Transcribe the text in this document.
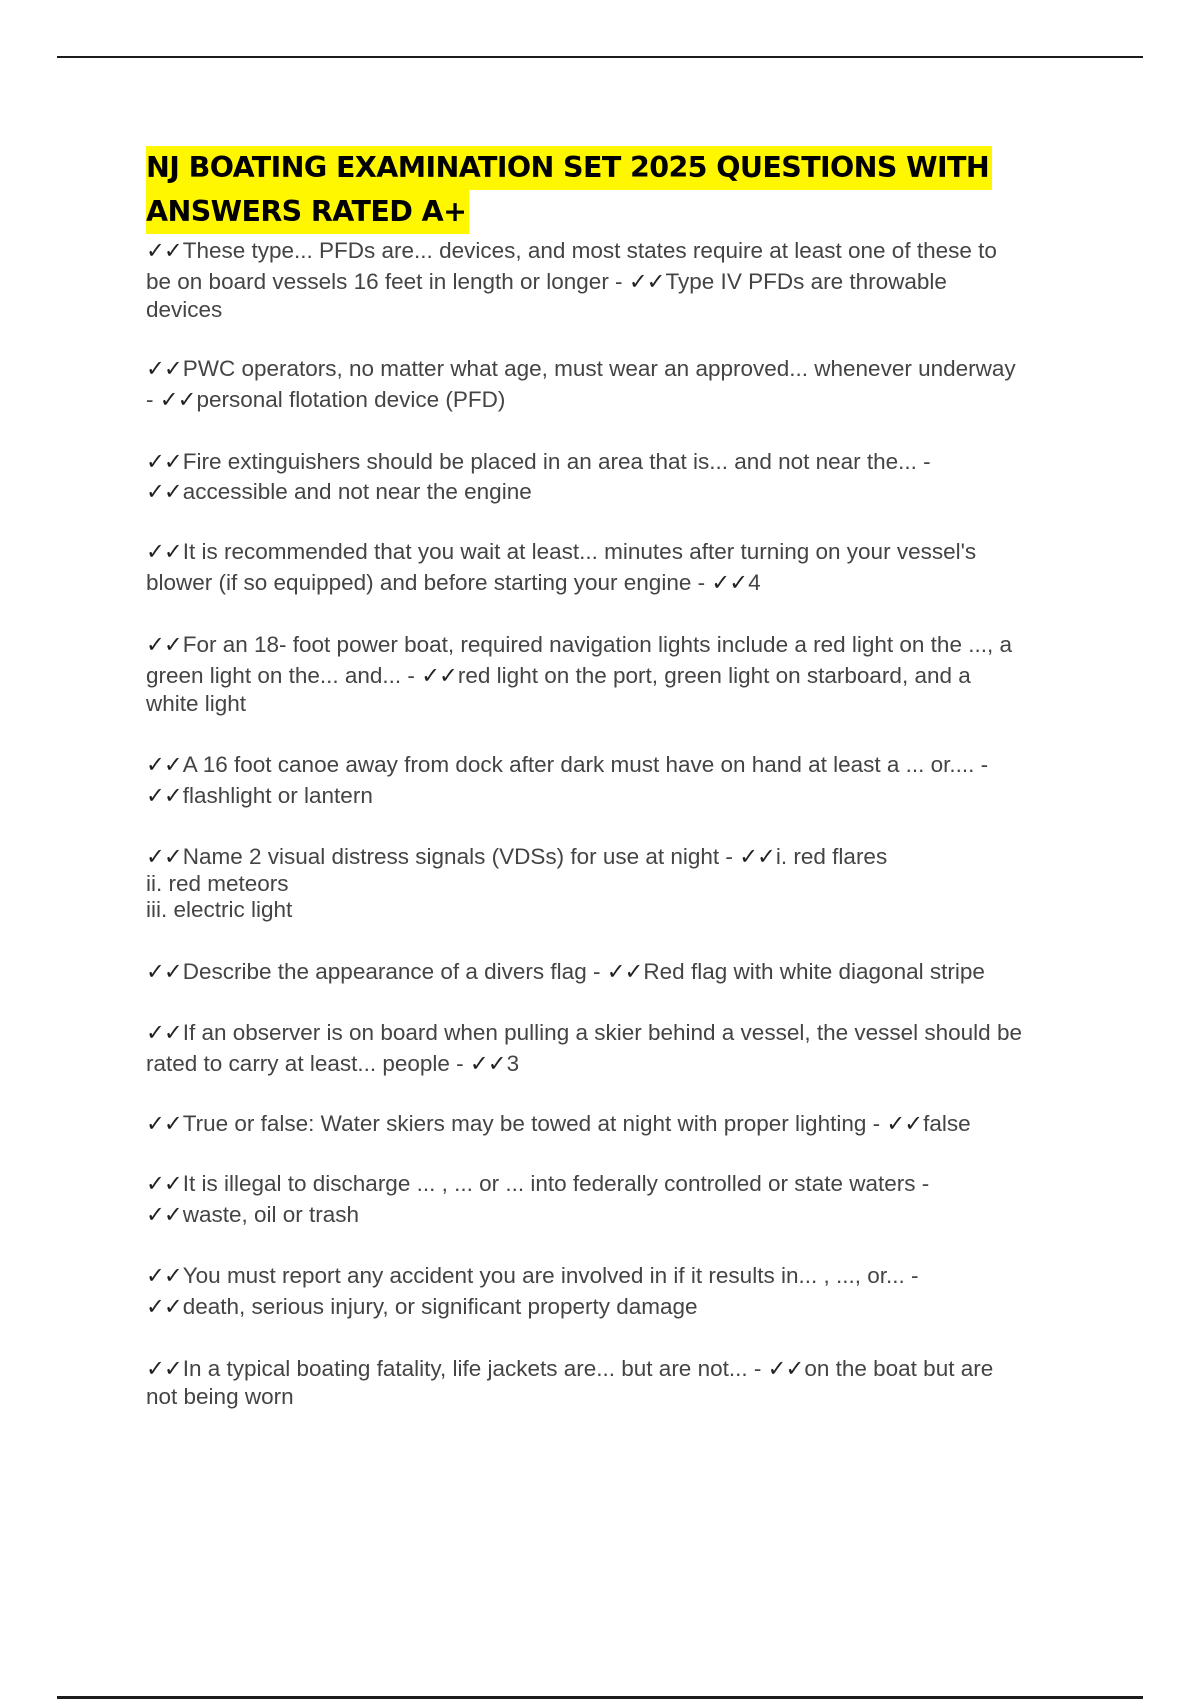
NJ BOATING EXAMINATION SET 2025 QUESTIONS WITH
ANSWERS RATED A+
✓✓These type... PFDs are... devices, and most states require at least one of these to
be on board vessels 16 feet in length or longer - ✓✓Type IV PFDs are throwable
devices
✓✓PWC operators, no matter what age, must wear an approved... whenever underway
- ✓✓personal flotation device (PFD)
✓✓Fire extinguishers should be placed in an area that is... and not near the... -
✓✓accessible and not near the engine
✓✓It is recommended that you wait at least... minutes after turning on your vessel's
blower (if so equipped) and before starting your engine - ✓✓4
✓✓For an 18- foot power boat, required navigation lights include a red light on the ..., a
green light on the... and... - ✓✓red light on the port, green light on starboard, and a
white light
✓✓A 16 foot canoe away from dock after dark must have on hand at least a ... or.... -
✓✓flashlight or lantern
✓✓Name 2 visual distress signals (VDSs) for use at night - ✓✓i. red flares
ii. red meteors
iii. electric light
✓✓Describe the appearance of a divers flag - ✓✓Red flag with white diagonal stripe
✓✓If an observer is on board when pulling a skier behind a vessel, the vessel should be
rated to carry at least... people - ✓✓3
✓✓True or false: Water skiers may be towed at night with proper lighting - ✓✓false
✓✓It is illegal to discharge ... , ... or ... into federally controlled or state waters -
✓✓waste, oil or trash
✓✓You must report any accident you are involved in if it results in... , ..., or... -
✓✓death, serious injury, or significant property damage
✓✓In a typical boating fatality, life jackets are... but are not... - ✓✓on the boat but are
not being worn
